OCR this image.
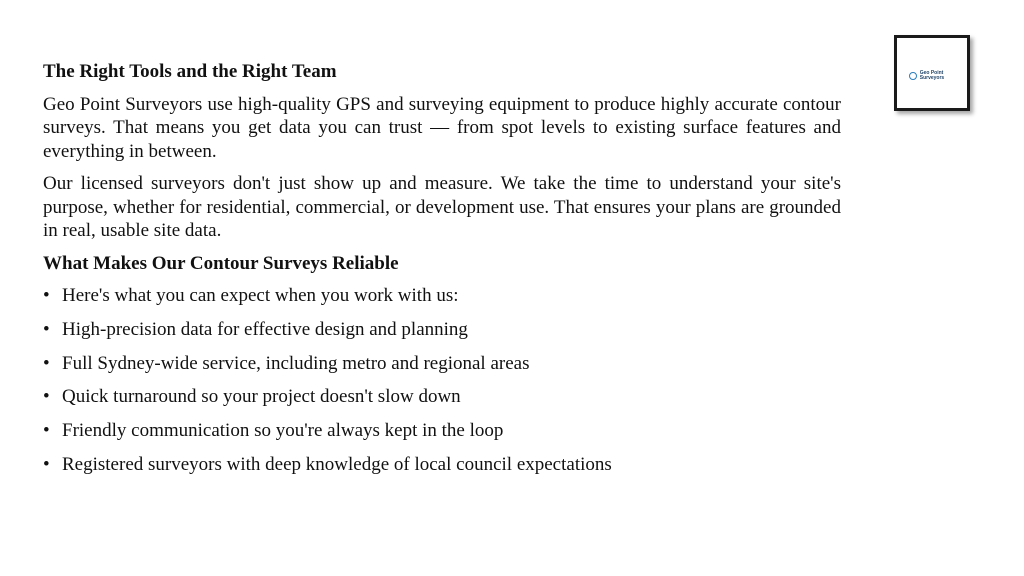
Geo Point Surveyors
The Right Tools and the Right Team

Geo Point Surveyors use high-quality GPS and surveying equipment to produce highly accurate contour surveys. That means you get data you can trust — from spot levels to existing surface features and everything in between.

Our licensed surveyors don't just show up and measure. We take the time to understand your site's purpose, whether for residential, commercial, or development use. That ensures your plans are grounded in real, usable site data.

What Makes Our Contour Surveys Reliable
• Here's what you can expect when you work with us:
• High-precision data for effective design and planning
• Full Sydney-wide service, including metro and regional areas
• Quick turnaround so your project doesn't slow down
• Friendly communication so you're always kept in the loop
• Registered surveyors with deep knowledge of local council expectations
